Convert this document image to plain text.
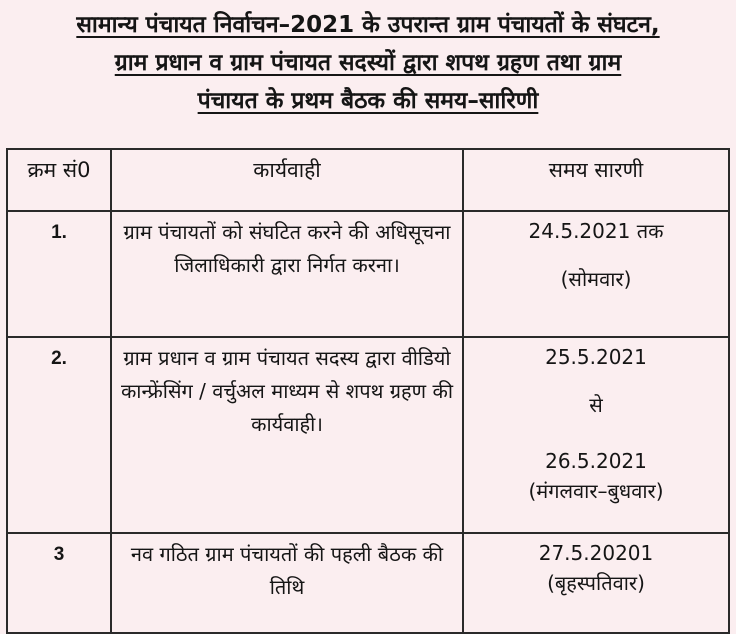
सामान्य पंचायत निर्वाचन–2021 के उपरान्त ग्राम पंचायतों के संघटन,
ग्राम प्रधान व ग्राम पंचायत सदस्यों द्वारा शपथ ग्रहण तथा ग्राम
पंचायत के प्रथम बैठक की समय–सारिणी
क्रम सं0	कार्यवाही	समय सारणी
1.	ग्राम पंचायतों को संघटित करने की अधिसूचना जिलाधिकारी द्वारा निर्गत करना।	24.5.2021 तक
(सोमवार)

2.	ग्राम प्रधान व ग्राम पंचायत सदस्य द्वारा वीडियो कान्फ्रेंसिंग / वर्चुअल माध्यम से शपथ ग्रहण की कार्यवाही।	25.5.2021
से
26.5.2021
(मंगलवार–बुधवार)

3	नव गठित ग्राम पंचायतों की पहली बैठक की तिथि	27.5.20201
(बृहस्पतिवार)
